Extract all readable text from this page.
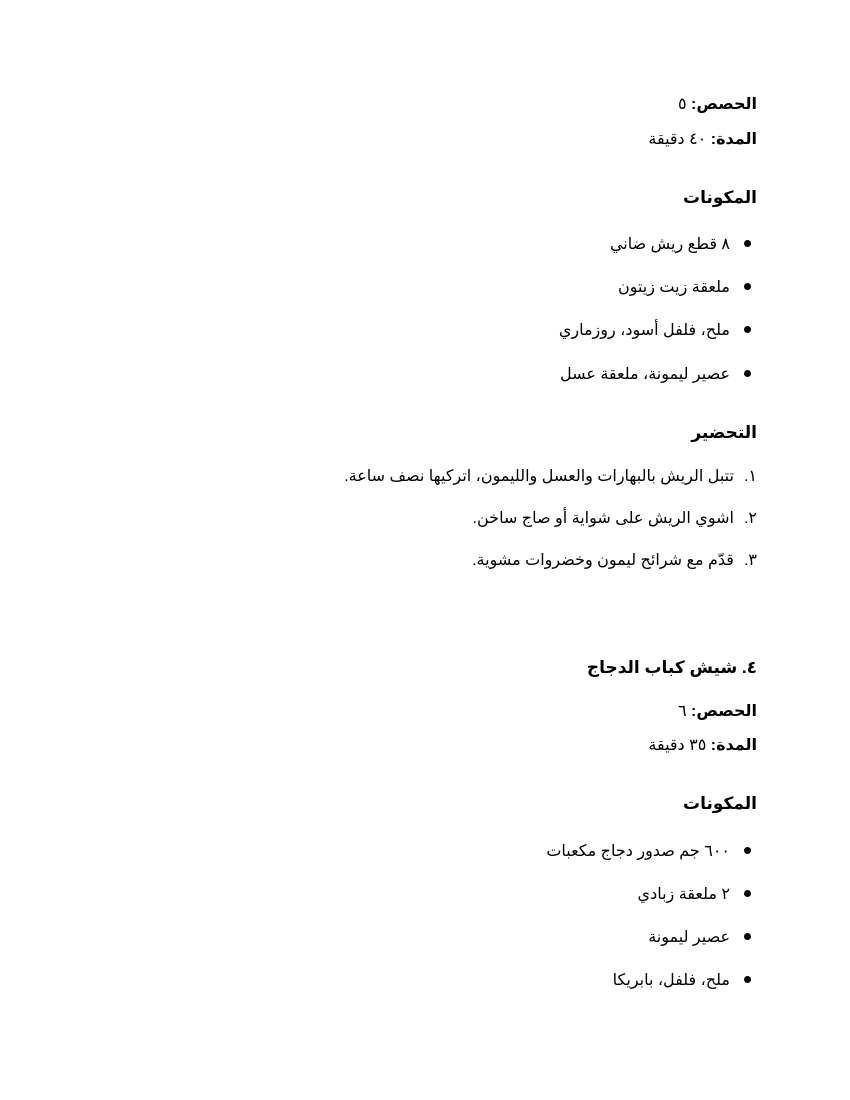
الحصص: ٥
المدة: ٤٠ دقيقة
المكونات
٨ قطع ريش ضاني
ملعقة زيت زيتون
ملح، فلفل أسود، روزماري
عصير ليمونة، ملعقة عسل
التحضير
١.تتبل الريش بالبهارات والعسل والليمون، اتركيها نصف ساعة.
٢.اشوي الريش على شواية أو صاج ساخن.
٣.قدّم مع شرائح ليمون وخضروات مشوية.
٤. شيش كباب الدجاج
الحصص: ٦
المدة: ٣٥ دقيقة
المكونات
٦٠٠ جم صدور دجاج مكعبات
٢ ملعقة زبادي
عصير ليمونة
ملح، فلفل، بابريكا
